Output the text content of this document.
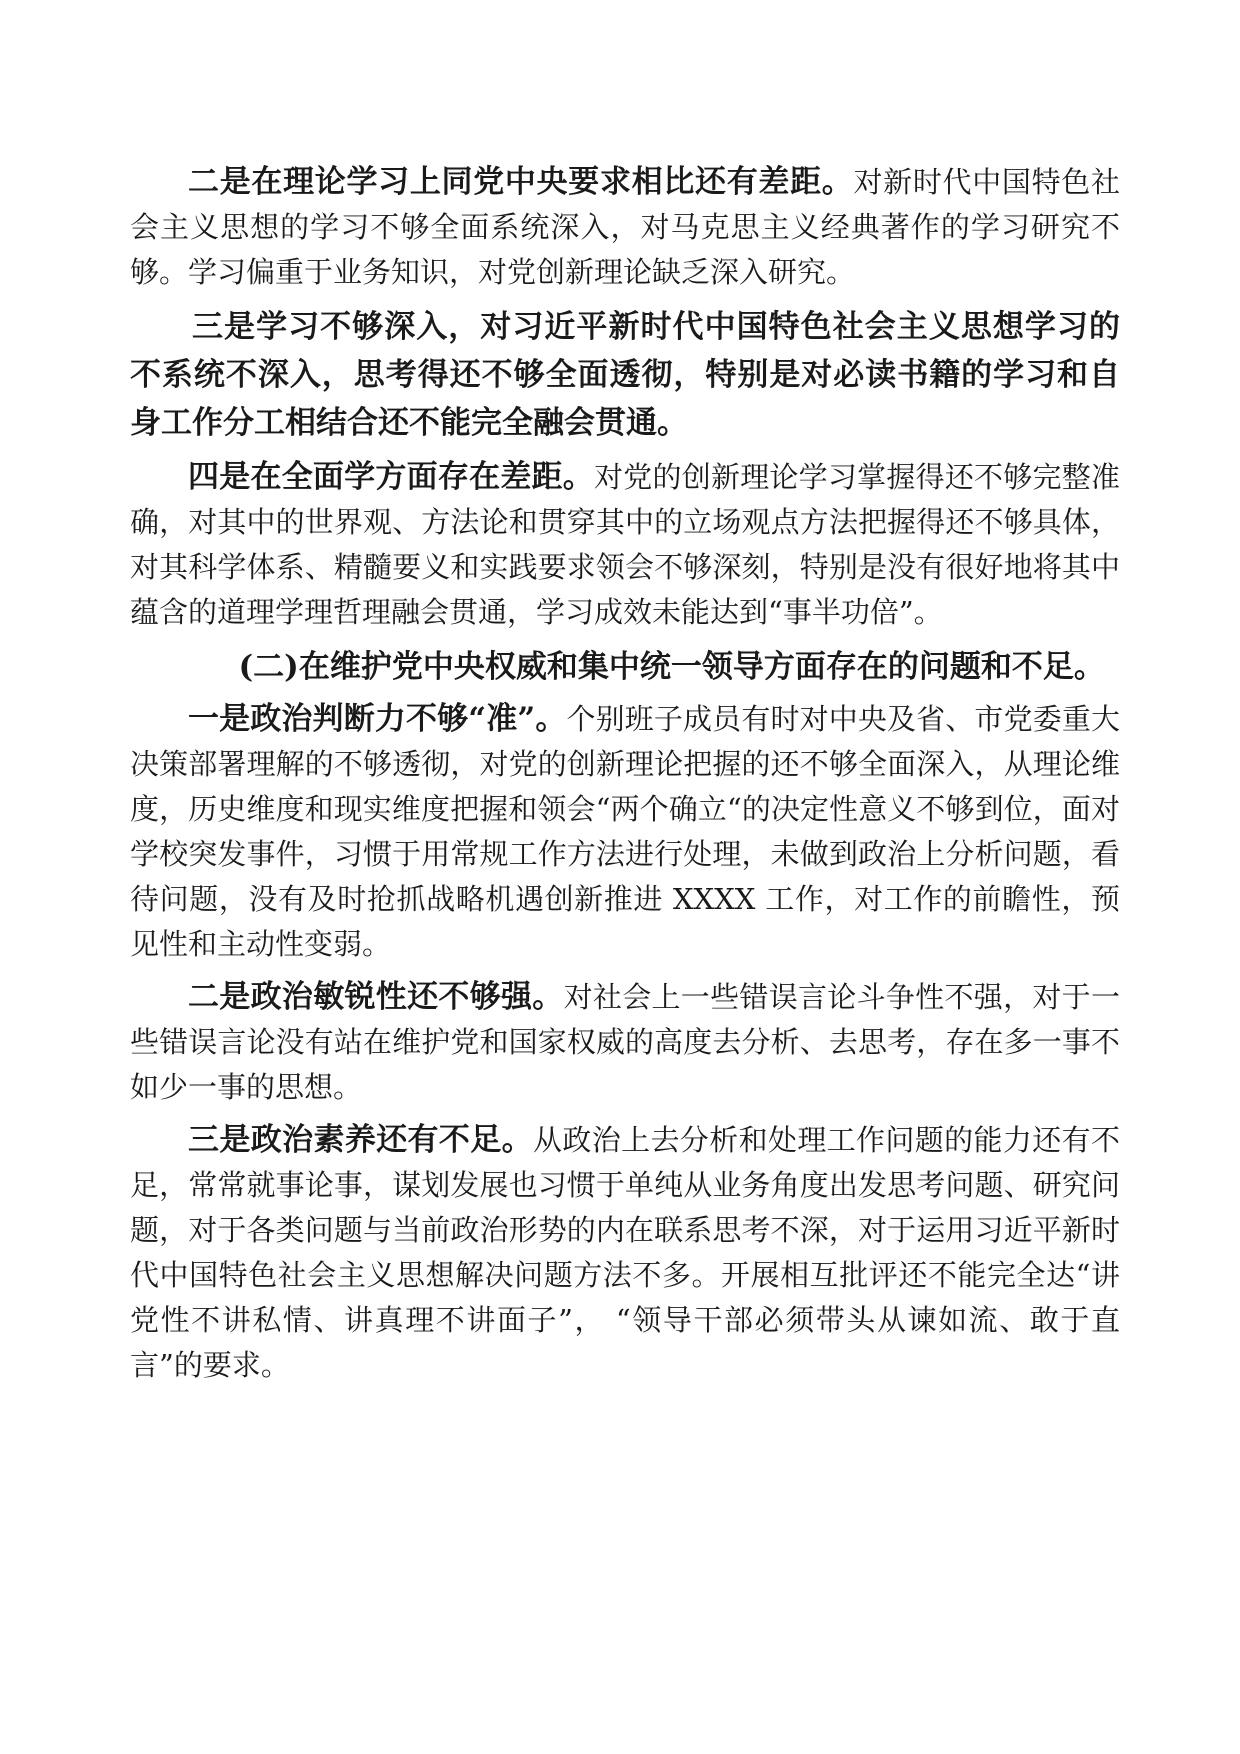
二是在理论学习上同党中央要求相比还有差距。对新时代中国特色社会主义思想的学习不够全面系统深入，对马克思主义经典著作的学习研究不够。学习偏重于业务知识，对党创新理论缺乏深入研究。

三是学习不够深入，对习近平新时代中国特色社会主义思想学习的不系统不深入，思考得还不够全面透彻，特别是对必读书籍的学习和自身工作分工相结合还不能完全融会贯通。

四是在全面学方面存在差距。对党的创新理论学习掌握得还不够完整准确，对其中的世界观、方法论和贯穿其中的立场观点方法把握得还不够具体，对其科学体系、精髓要义和实践要求领会不够深刻，特别是没有很好地将其中蕴含的道理学理哲理融会贯通，学习成效未能达到“事半功倍”。

(二)在维护党中央权威和集中统一领导方面存在的问题和不足。

一是政治判断力不够“准”。个别班子成员有时对中央及省、市党委重大决策部署理解的不够透彻，对党的创新理论把握的还不够全面深入，从理论维度，历史维度和现实维度把握和领会“两个确立“的决定性意义不够到位，面对学校突发事件，习惯于用常规工作方法进行处理，未做到政治上分析问题，看待问题，没有及时抢抓战略机遇创新推进 XXXX 工作，对工作的前瞻性，预见性和主动性变弱。

二是政治敏锐性还不够强。对社会上一些错误言论斗争性不强，对于一些错误言论没有站在维护党和国家权威的高度去分析、去思考，存在多一事不如少一事的思想。

三是政治素养还有不足。从政治上去分析和处理工作问题的能力还有不足，常常就事论事，谋划发展也习惯于单纯从业务角度出发思考问题、研究问题，对于各类问题与当前政治形势的内在联系思考不深，对于运用习近平新时代中国特色社会主义思想解决问题方法不多。开展相互批评还不能完全达“讲党性不讲私情、讲真理不讲面子”， “领导干部必须带头从谏如流、敢于直言”的要求。
